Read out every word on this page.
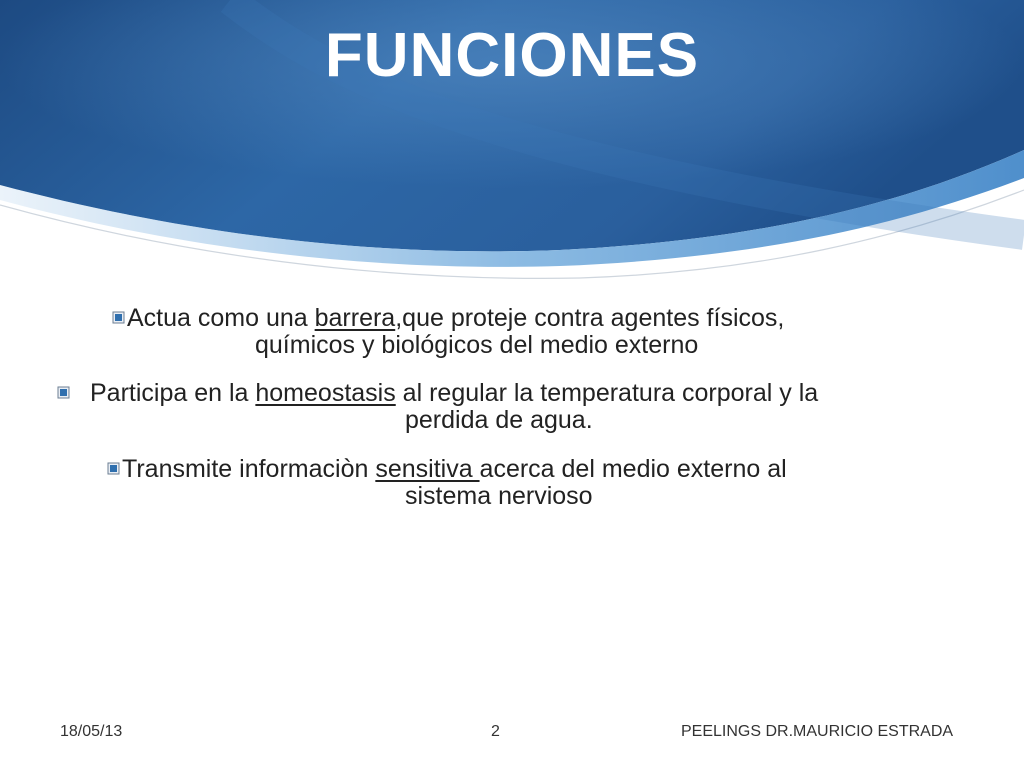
FUNCIONES
Actua como una barrera,que proteje contra agentes físicos,
químicos y biológicos del medio externo
Participa en la homeostasis al regular la temperatura corporal y la
perdida de agua.
Transmite informaciòn sensitiva acerca del medio externo al
sistema nervioso
18/05/13	2	PEELINGS DR.MAURICIO ESTRADA
